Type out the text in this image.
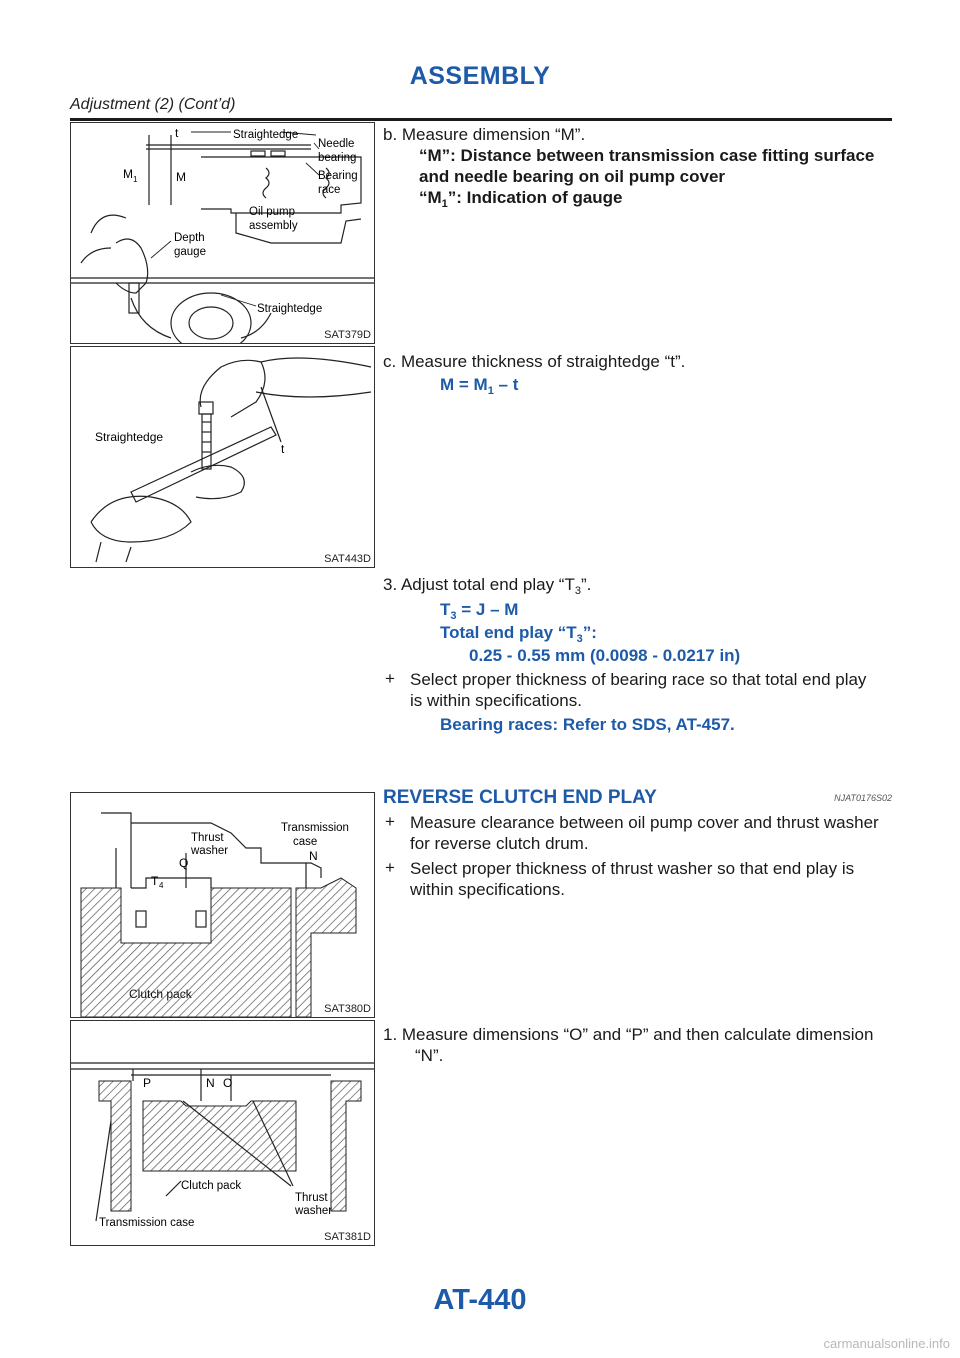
ASSEMBLY
Adjustment (2) (Cont’d)
t	Straightedge
Needle
bearing
M 1	M	Bearing
race
Oil pump
assembly
Depth
gauge
Straightedge
SAT379D
Straightedge
t
SAT443D
Thrust
washer
Transmission
case
Q	N
T 4
Clutch pack
SAT380D
P	N O
Clutch pack
Thrust
washer
Transmission case
SAT381D
b. Measure dimension “M”.
“M”: Distance between transmission case fitting surface
and needle bearing on oil pump cover
“$M_1$”: Indication of gauge
c. Measure thickness of straightedge “t”.
$M = M_1 - t$
3. Adjust total end play “$T_3$”.
$T_3 = J - M$
Total end play “$T_3$”:
0.25 - 0.55 mm (0.0098 - 0.0217 in)
+ Select proper thickness of bearing race so that total end play
is within specifications.
Bearing races: Refer to SDS, AT-457.
REVERSE CLUTCH END PLAY	NJAT0176S02
+ Measure clearance between oil pump cover and thrust washer
for reverse clutch drum.
+ Select proper thickness of thrust washer so that end play is
within specifications.
1. Measure dimensions “O” and “P” and then calculate dimension
“N”.
AT-440
carmanualsonline.info
